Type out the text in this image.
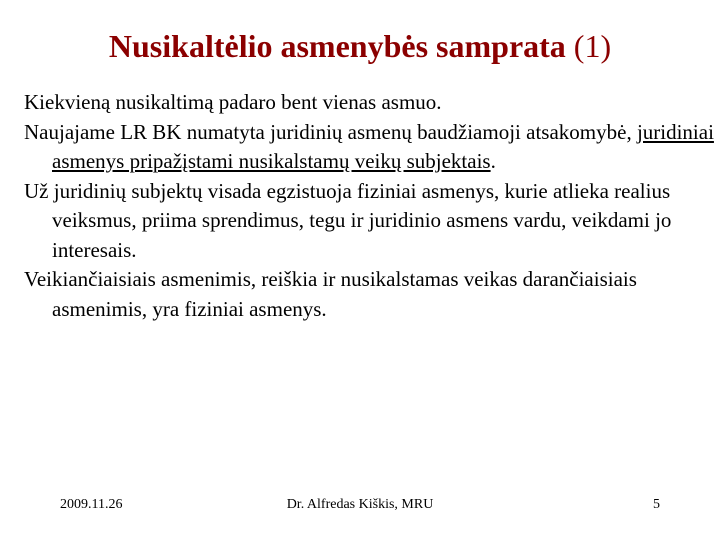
Nusikaltėlio asmenybės samprata (1)

Kiekvieną nusikaltimą padaro bent vienas asmuo.

Naujajame LR BK numatyta juridinių asmenų baudžiamoji atsakomybė, juridiniai asmenys pripažįstami nusikalstamų veikų subjektais.

Už juridinių subjektų visada egzistuoja fiziniai asmenys, kurie atlieka realius veiksmus, priima sprendimus, tegu ir juridinio asmens vardu, veikdami jo interesais.

Veikiančiaisiais asmenimis, reiškia ir nusikalstamas veikas darančiaisiais asmenimis, yra fiziniai asmenys.

2009.11.26	Dr. Alfredas Kiškis, MRU	5
